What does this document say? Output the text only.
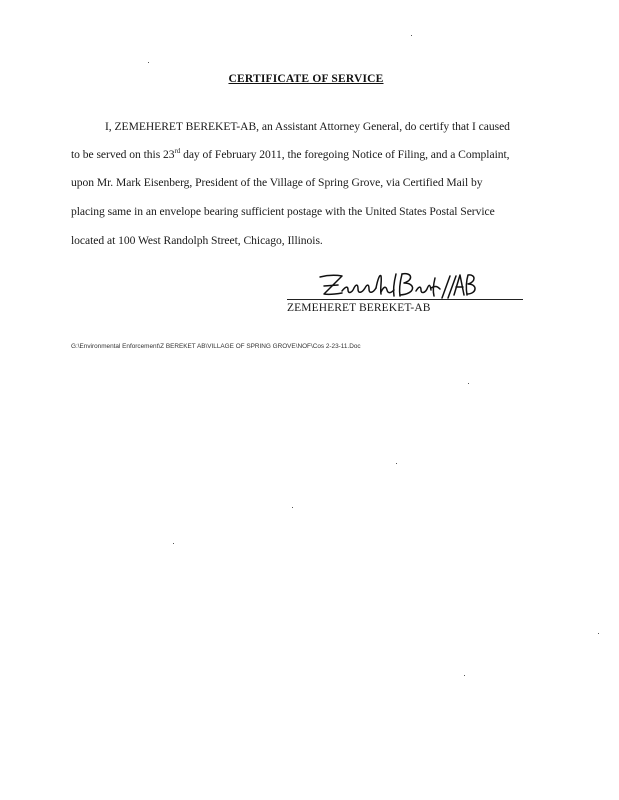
CERTIFICATE OF SERVICE
I, ZEMEHERET BEREKET-AB, an Assistant Attorney General, do certify that I caused
to be served on this 23rd day of February 2011, the foregoing Notice of Filing, and a Complaint,
upon Mr. Mark Eisenberg, President of the Village of Spring Grove, via Certified Mail by
placing same in an envelope bearing sufficient postage with the United States Postal Service
located at 100 West Randolph Street, Chicago, Illinois.
ZEMEHERET BEREKET-AB
G:\Environmental Enforcement\Z BEREKET AB\VILLAGE OF SPRING GROVE\NOF\Cos 2-23-11.Doc
